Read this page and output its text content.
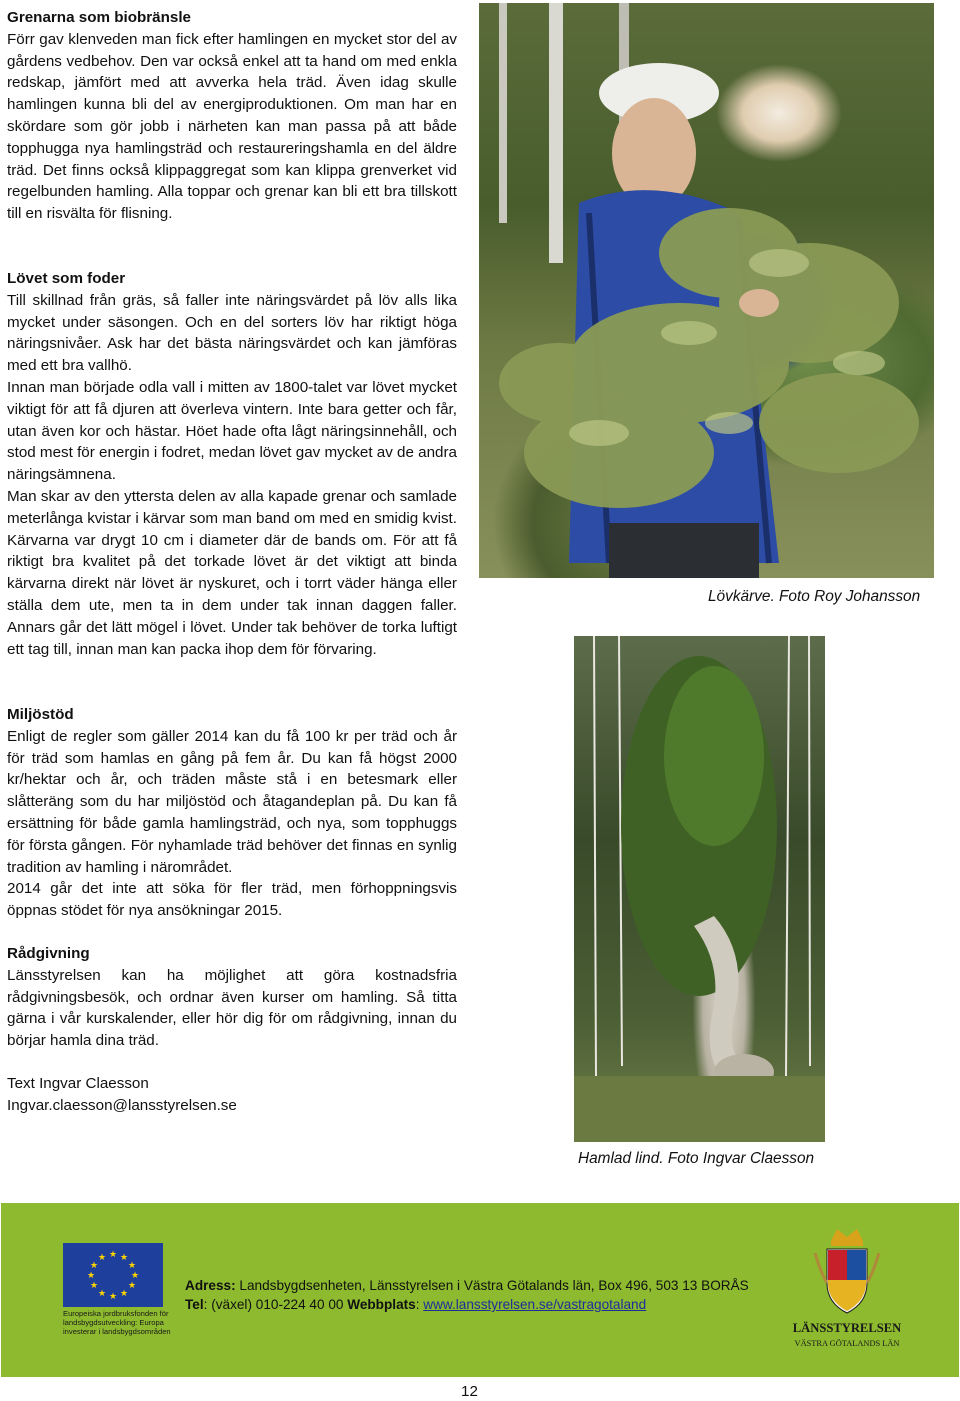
Grenarna som biobränsle

Förr gav klenveden man fick efter hamlingen en mycket stor del av gårdens vedbehov. Den var också enkel att ta hand om med enkla redskap, jämfört med att avverka hela träd. Även idag skulle hamlingen kunna bli del av energiproduktionen. Om man har en skördare som gör jobb i närheten kan man passa på att både topphugga nya hamlingsträd och restaureringshamla en del äldre träd. Det finns också klippaggregat som kan klippa grenverket vid regelbunden hamling. Alla toppar och grenar kan bli ett bra tillskott till en risvälta för flisning.

Lövet som foder

Till skillnad från gräs, så faller inte näringsvärdet på löv alls lika mycket under säsongen. Och en del sorters löv har riktigt höga näringsnivåer. Ask har det bästa näringsvärdet och kan jämföras med ett bra vallhö.

Innan man började odla vall i mitten av 1800-talet var lövet mycket viktigt för att få djuren att överleva vintern. Inte bara getter och får, utan även kor och hästar. Höet hade ofta lågt näringsinnehåll, och stod mest för energin i fodret, medan lövet gav mycket av de andra näringsämnena.

Man skar av den yttersta delen av alla kapade grenar och samlade meterlånga kvistar i kärvar som man band om med en smidig kvist. Kärvarna var drygt 10 cm i diameter där de bands om. För att få riktigt bra kvalitet på det torkade lövet är det viktigt att binda kärvarna direkt när lövet är nyskuret, och i torrt väder hänga eller ställa dem ute, men ta in dem under tak innan daggen faller. Annars går det lätt mögel i lövet. Under tak behöver de torka luftigt ett tag till, innan man kan packa ihop dem för förvaring.

Miljöstöd

Enligt de regler som gäller 2014 kan du få 100 kr per träd och år för träd som hamlas en gång på fem år. Du kan få högst 2000 kr/hektar och år, och träden måste stå i en betesmark eller slåtteräng som du har miljöstöd och åtagandeplan på. Du kan få ersättning för både gamla hamlingsträd, och nya, som topphuggs för första gången. För nyhamlade träd behöver det finnas en synlig tradition av hamling i närområdet.

2014 går det inte att söka för fler träd, men förhoppningsvis öppnas stödet för nya ansökningar 2015.

Rådgivning

Länsstyrelsen kan ha möjlighet att göra kostnadsfria rådgivningsbesök, och ordnar även kurser om hamling. Så titta gärna i vår kurskalender, eller hör dig för om rådgivning, innan du börjar hamla dina träd.

Text Ingvar Claesson

Ingvar.claesson@lansstyrelsen.se

Lövkärve. Foto Roy Johansson
Hamlad lind. Foto Ingvar Claesson
★ ★
★
★
★
★
★
★
★
★
★
★
Europeiska jordbruksfonden för landsbygdsutveckling: Europa investerar i landsbygdsområden
Adress: Landsbygdsenheten, Länsstyrelsen i Västra Götalands län, Box 496, 503 13 BORÅS
Tel: (växel) 010-224 40 00 Webbplats: www.lansstyrelsen.se/vastragotaland
LÄNSSTYRELSEN
VÄSTRA GÖTALANDS LÄN
12
